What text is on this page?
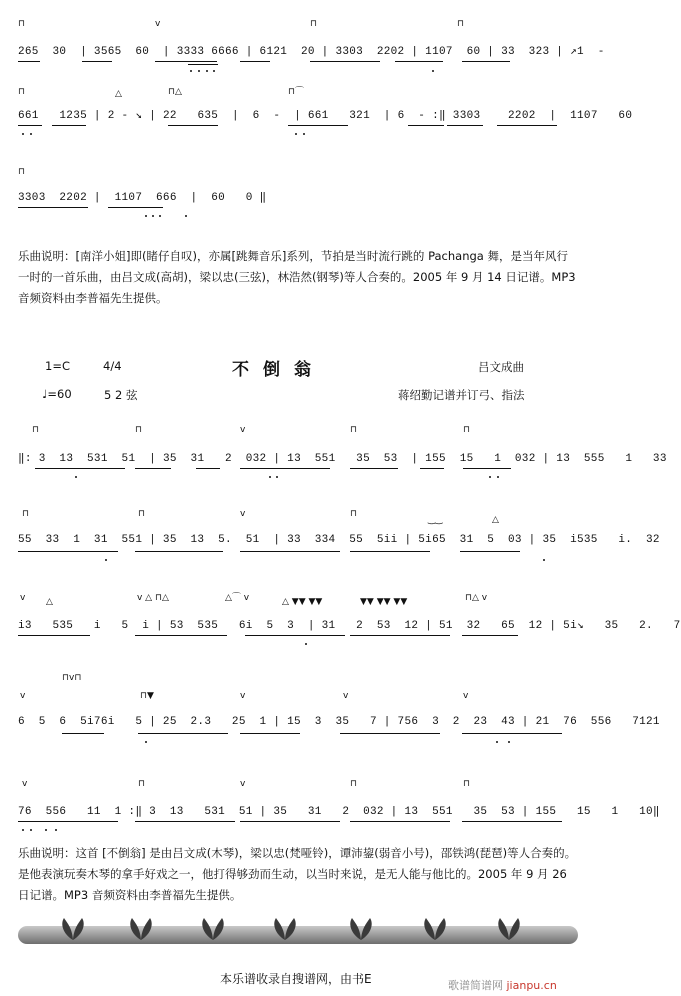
⊓	v	⊓	⊓
265  30  | 3565  60  | 3333 6666 | 6121  20 | 3303  2202 | 1107  60 | 33  323 | ↗1  -
⊓	△	⊓△	⊓⌒
661   1235 | 2 - ↘ | 22   635  |  6  -  | 661   321  | 6  - :‖ 3303    2202  |  1107   60
⊓
3303  2202 |  1107  666  |  60   0 ‖
乐曲说明：[南洋小姐]即(睹仔自叹)，亦属[跳舞音乐]系列，节拍是当时流行跳的 Pachanga 舞，是当年风行一时的一首乐曲，由吕文成(高胡)，梁以忠(三弦)，林浩然(钢琴)等人合奏的。2005 年 9 月 14 日记谱。MP3 音频资料由李普福先生提供。
1=C	4/4	不倒翁	吕文成曲
♩=60	5 2 弦	蒋绍勤记谱并订弓、指法
⊓	⊓	v	⊓	⊓
‖: 3  13  531  51  | 35  31   2  032 | 13  551   35  53  | 155  15   1  032 | 13  555   1   33
⊓	⊓	v	⊓
‿‿	△
55  33  1  31  551 | 35  13  5.  51  | 33  334  55  5ii | 5i65  31  5  03 | 35  i535   i.  32
v △	v △ ⊓△	△⌒ v	△ ▼▼ ▼▼	▼▼ ▼▼ ▼▼	⊓△ v
i3   535   i   5  i | 53  535   6i  5  3  | 31   2  53  12 | 51  32   65  12 | 5i↘   35   2.   7
⊓v⊓
v	⊓▼	v	v	v
6  5  6  5i76i   5 | 25  2.3   25  1 | 15  3  35   7 | 756  3  2  23  43 | 21  76  556   7121
v	⊓	v	⊓	⊓
76  556   11  1 :‖ 3  13   531  51 | 35   31   2  032 | 13  551   35  53 | 155   15   1   10‖
乐曲说明：这首 [不倒翁] 是由吕文成(木琴)，梁以忠(梵哑铃)，谭沛鋆(弱音小号)，邵铁鸿(琵琶)等人合奏的。是他表演玩奏木琴的拿手好戏之一，他打得够劲而生动，以当时来说，是无人能与他比的。2005 年 9 月 26 日记谱。MP3 音频资料由李普福先生提供。
本乐谱收录自搜谱网，由书E	歌谱简谱网 jianpu.cn
